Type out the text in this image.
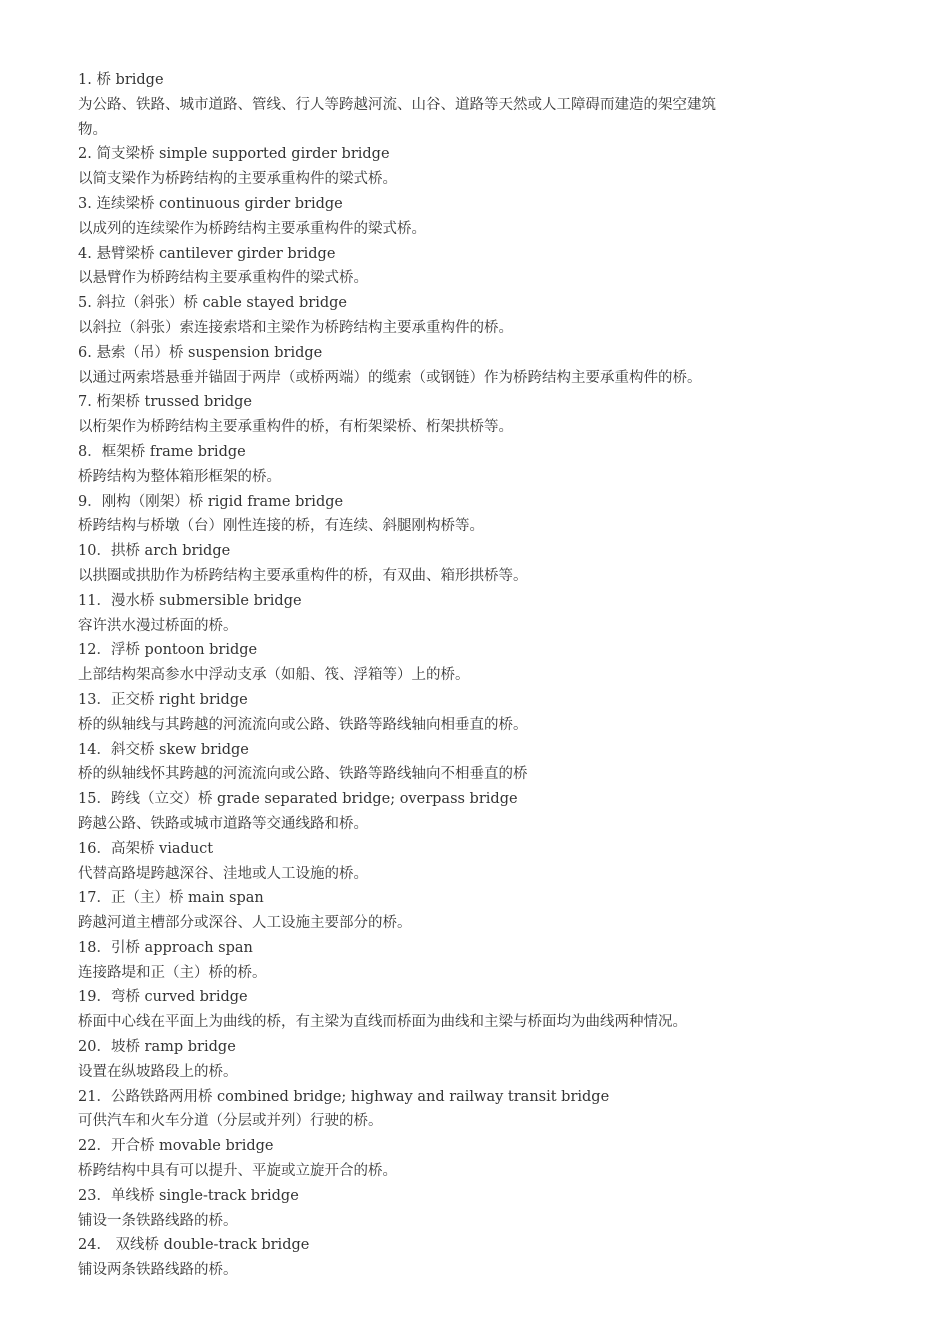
1. 桥 bridge
为公路、铁路、城市道路、管线、行人等跨越河流、山谷、道路等天然或人工障碍而建造的架空建筑
物。
2. 简支梁桥 simple supported girder bridge
以简支梁作为桥跨结构的主要承重构件的梁式桥。
3. 连续梁桥 continuous girder bridge
以成列的连续梁作为桥跨结构主要承重构件的梁式桥。
4. 悬臂梁桥 cantilever girder bridge
以悬臂作为桥跨结构主要承重构件的梁式桥。
5. 斜拉（斜张）桥 cable stayed bridge
以斜拉（斜张）索连接索塔和主梁作为桥跨结构主要承重构件的桥。
6. 悬索（吊）桥 suspension bridge
以通过两索塔悬垂并锚固于两岸（或桥两端）的缆索（或钢链）作为桥跨结构主要承重构件的桥。
7. 桁架桥 trussed bridge
以桁架作为桥跨结构主要承重构件的桥，有桁架梁桥、桁架拱桥等。
8．框架桥 frame bridge
桥跨结构为整体箱形框架的桥。
9．刚构（刚架）桥 rigid frame bridge
桥跨结构与桥墩（台）刚性连接的桥，有连续、斜腿刚构桥等。
10．拱桥 arch bridge
以拱圈或拱肋作为桥跨结构主要承重构件的桥，有双曲、箱形拱桥等。
11．漫水桥 submersible bridge
容许洪水漫过桥面的桥。
12．浮桥 pontoon bridge
上部结构架高参水中浮动支承（如船、筏、浮箱等）上的桥。
13．正交桥 right bridge
桥的纵轴线与其跨越的河流流向或公路、铁路等路线轴向相垂直的桥。
14．斜交桥 skew bridge
桥的纵轴线怀其跨越的河流流向或公路、铁路等路线轴向不相垂直的桥
15．跨线（立交）桥 grade separated bridge; overpass bridge
跨越公路、铁路或城市道路等交通线路和桥。
16．高架桥 viaduct
代替高路堤跨越深谷、洼地或人工设施的桥。
17．正（主）桥 main span
跨越河道主槽部分或深谷、人工设施主要部分的桥。
18．引桥 approach span
连接路堤和正（主）桥的桥。
19．弯桥 curved bridge
桥面中心线在平面上为曲线的桥，有主梁为直线而桥面为曲线和主梁与桥面均为曲线两种情况。
20．坡桥 ramp bridge
设置在纵坡路段上的桥。
21．公路铁路两用桥 combined bridge; highway and railway transit bridge
可供汽车和火车分道（分层或并列）行驶的桥。
22．开合桥 movable bridge
桥跨结构中具有可以提升、平旋或立旋开合的桥。
23．单线桥 single-track bridge
铺设一条铁路线路的桥。
24． 双线桥 double-track bridge
铺设两条铁路线路的桥。
